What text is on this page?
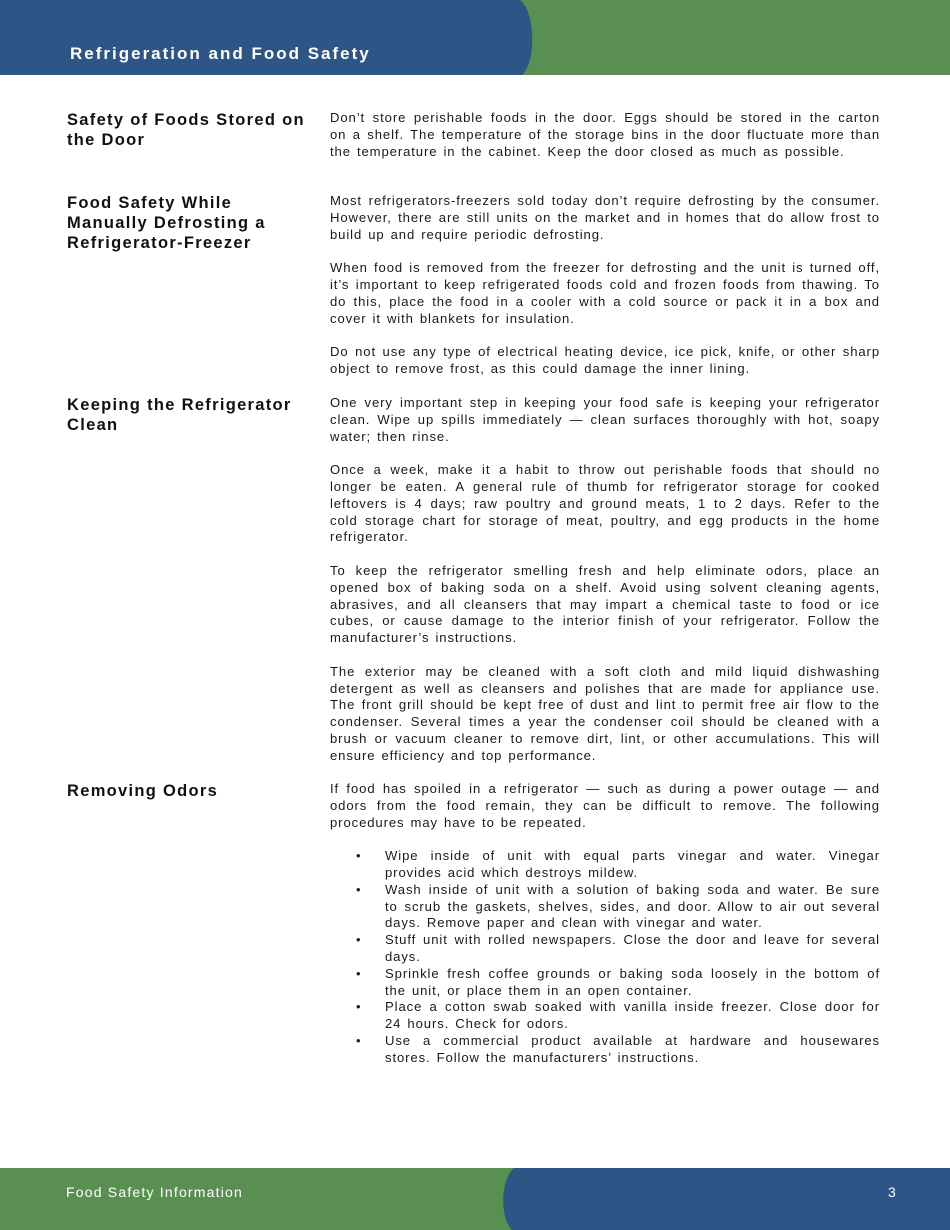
Refrigeration and Food Safety
Safety of Foods Stored on the Door

Don’t store perishable foods in the door. Eggs should be stored in the carton on a shelf. The temperature of the storage bins in the door fluctuate more than the temperature in the cabinet. Keep the door closed as much as possible.

Food Safety While Manually Defrosting a Refrigerator-Freezer

Most refrigerators-freezers sold today don’t require defrosting by the consumer. However, there are still units on the market and in homes that do allow frost to build up and require periodic defrosting.

When food is removed from the freezer for defrosting and the unit is turned off, it’s important to keep refrigerated foods cold and frozen foods from thawing. To do this, place the food in a cooler with a cold source or pack it in a box and cover it with blankets for insulation.

Do not use any type of electrical heating device, ice pick, knife, or other sharp object to remove frost, as this could damage the inner lining.

Keeping the Refrigerator Clean

One very important step in keeping your food safe is keeping your refrigerator clean. Wipe up spills immediately — clean surfaces thoroughly with hot, soapy water; then rinse.

Once a week, make it a habit to throw out perishable foods that should no longer be eaten. A general rule of thumb for refrigerator storage for cooked leftovers is 4 days; raw poultry and ground meats, 1 to 2 days. Refer to the cold storage chart for storage of meat, poultry, and egg products in the home refrigerator.

To keep the refrigerator smelling fresh and help eliminate odors, place an opened box of baking soda on a shelf. Avoid using solvent cleaning agents, abrasives, and all cleansers that may impart a chemical taste to food or ice cubes, or cause damage to the interior finish of your refrigerator. Follow the manufacturer’s instructions.

The exterior may be cleaned with a soft cloth and mild liquid dishwashing detergent as well as cleansers and polishes that are made for appliance use. The front grill should be kept free of dust and lint to permit free air flow to the condenser. Several times a year the condenser coil should be cleaned with a brush or vacuum cleaner to remove dirt, lint, or other accumulations. This will ensure efficiency and top performance.

Removing Odors	If food has spoiled in a refrigerator — such as during a power outage — and odors from the food remain, they can be difficult to remove. The following procedures may have to be repeated.

• Wipe inside of unit with equal parts vinegar and water. Vinegar provides acid which destroys mildew.
• Wash inside of unit with a solution of baking soda and water. Be sure to scrub the gaskets, shelves, sides, and door. Allow to air out several days. Remove paper and clean with vinegar and water.
• Stuff unit with rolled newspapers. Close the door and leave for several days.
• Sprinkle fresh coffee grounds or baking soda loosely in the bottom of the unit, or place them in an open container.
• Place a cotton swab soaked with vanilla inside freezer. Close door for 24 hours. Check for odors.
• Use a commercial product available at hardware and housewares stores. Follow the manufacturers’ instructions.
Food Safety Information	3
